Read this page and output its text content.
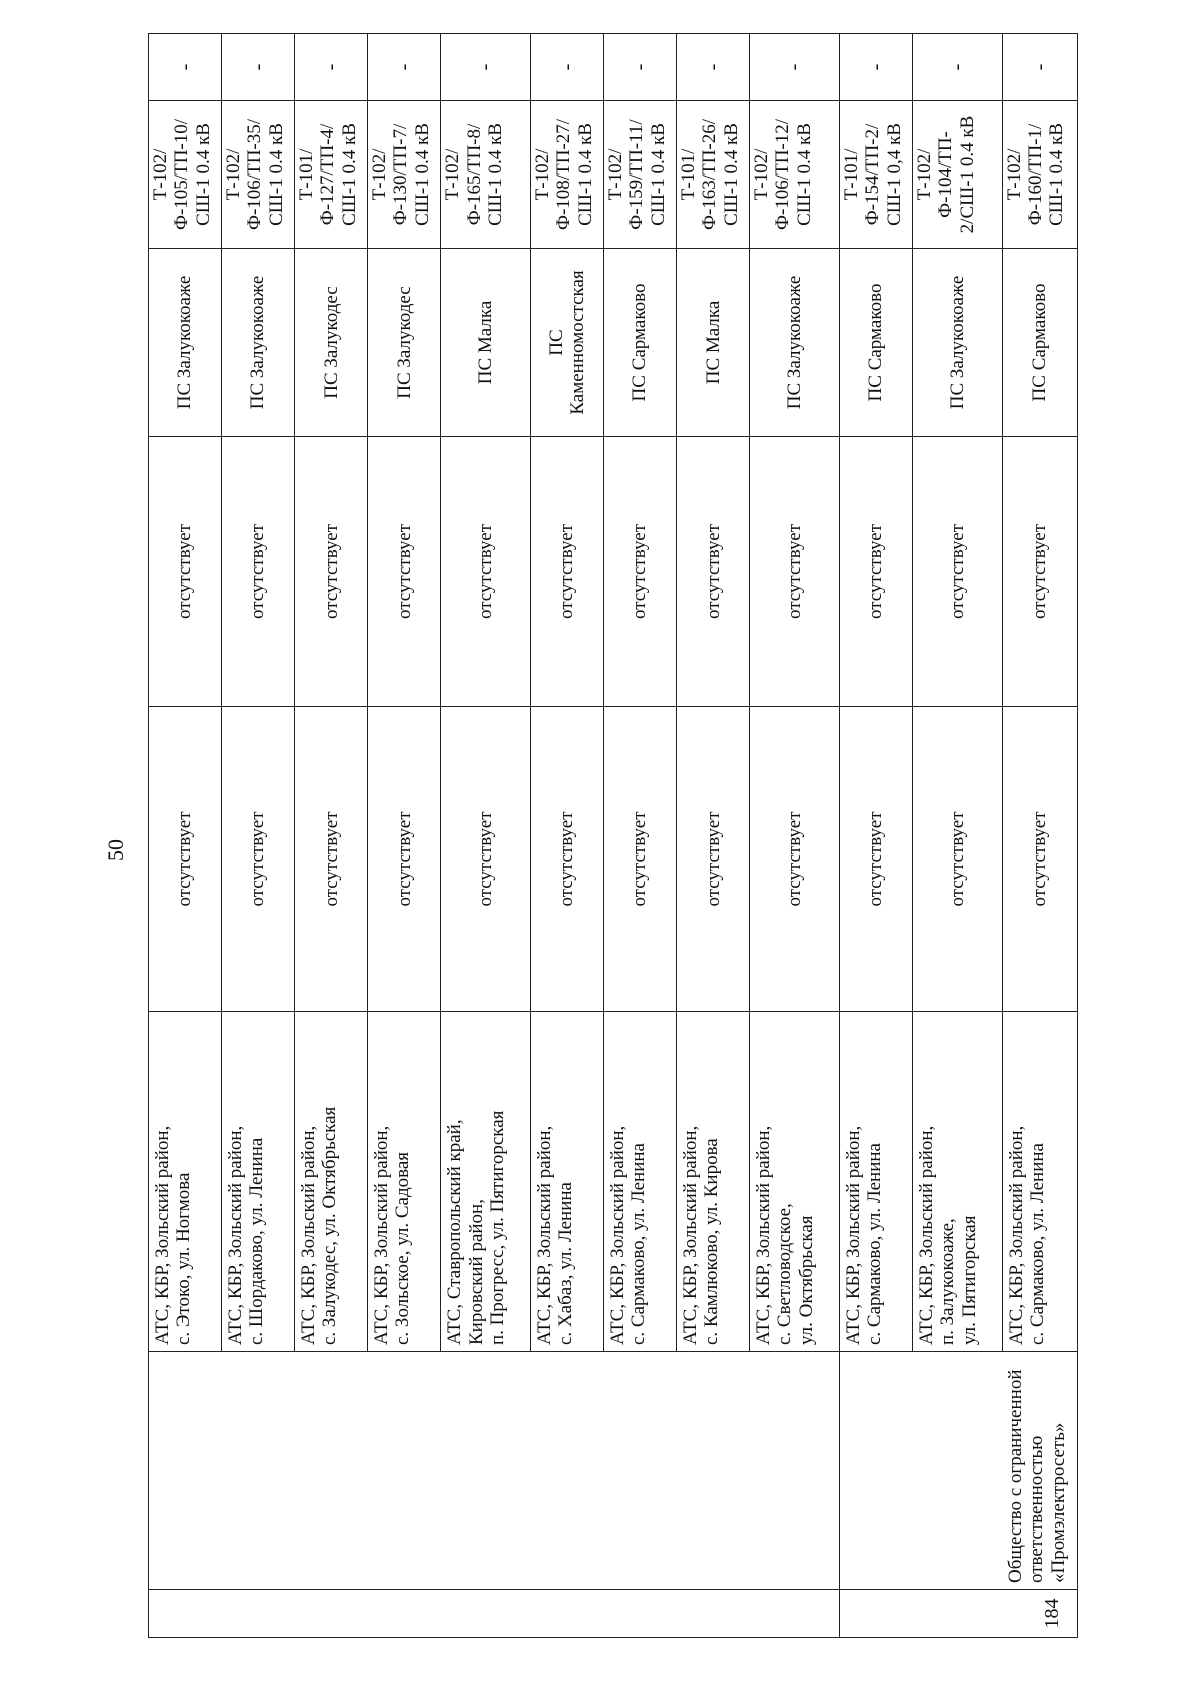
50
		АТС, КБР, Зольский район,
с. Этоко, ул. Ногмова	отсутствует	отсутствует	ПС Залукокоаже	Т-102/
Ф-105/ТП-10/
СШ-1 0.4 кВ	-
		АТС, КБР, Зольский район,
с. Шордаково, ул. Ленина	отсутствует	отсутствует	ПС Залукокоаже	Т-102/
Ф-106/ТП-35/
СШ-1 0.4 кВ	-
		АТС, КБР, Зольский район,
с. Залукодес, ул. Октябрьская	отсутствует	отсутствует	ПС Залукодес	Т-101/
Ф-127/ТП-4/
СШ-1 0.4 кВ	-
		АТС, КБР, Зольский район,
с. Зольское, ул. Садовая	отсутствует	отсутствует	ПС Залукодес	Т-102/
Ф-130/ТП-7/
СШ-1 0.4 кВ	-
		АТС, Ставропольский край,
Кировский район,
п. Прогресс, ул. Пятигорская	отсутствует	отсутствует	ПС Малка	Т-102/
Ф-165/ТП-8/
СШ-1 0.4 кВ	-
		АТС, КБР, Зольский район,
с. Хабаз, ул. Ленина	отсутствует	отсутствует	ПС
Каменномостская	Т-102/
Ф-108/ТП-27/
СШ-1 0.4 кВ	-
		АТС, КБР, Зольский район,
с. Сармаково, ул. Ленина	отсутствует	отсутствует	ПС Сармаково	Т-102/
Ф-159/ТП-11/
СШ-1 0.4 кВ	-
		АТС, КБР, Зольский район,
с. Камлюково, ул. Кирова	отсутствует	отсутствует	ПС Малка	Т-101/
Ф-163/ТП-26/
СШ-1 0.4 кВ	-
		АТС, КБР, Зольский район,
с. Светловодское,
ул. Октябрьская	отсутствует	отсутствует	ПС Залукокоаже	Т-102/
Ф-106/ТП-12/
СШ-1 0.4 кВ	-
184	Общество с ограниченной
ответственностью
«Промэлектросеть»	АТС, КБР, Зольский район,
с. Сармаково, ул. Ленина	отсутствует	отсутствует	ПС Сармаково	Т-101/
Ф-154/ТП-2/
СШ-1 0,4 кВ	-
		АТС, КБР, Зольский район,
п. Залукокоаже,
ул. Пятигорская	отсутствует	отсутствует	ПС Залукокоаже	Т-102/
Ф-104/ТП-
2/СШ-1 0.4 кВ	-
		АТС, КБР, Зольский район,
с. Сармаково, ул. Ленина	отсутствует	отсутствует	ПС Сармаково	Т-102/
Ф-160/ТП-1/
СШ-1 0.4 кВ	-
